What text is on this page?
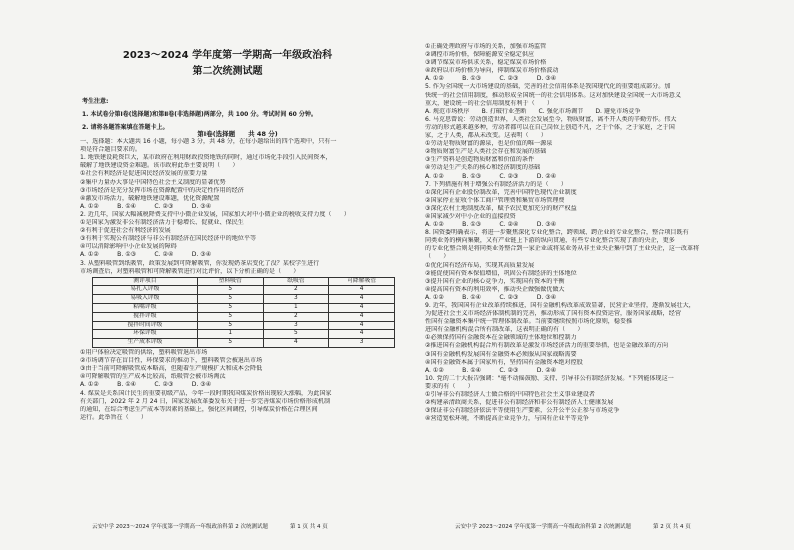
2023～2024 学年度第一学期高一年级政治科
第二次统测试题
考生注意:
1. 本试卷分第Ⅰ卷(选择题)和第Ⅱ卷(非选择题)两部分，共 100 分。考试时间 60 分钟。
2. 请将各题答案填在答题卡上。
第Ⅰ卷(选择题　　共 48 分)
一、选择题：本大题共 16 小题，每小题 3 分，共 48 分，在每小题给出的四个选项中，只有一
项是符合题目要求的。
1. 地铁建设耗资巨大，某市政府在利用财政投资地铁的同时，通过市场化手段引入民间资本，
破解了地铁建设资金难题。该市政府此举主要说明（　　）
①社会有利经济是促进国民经济发展的重要力量
②集中力量办大事是中国特色社会主义制度的显著优势
③市场经济是充分发挥市场在资源配置中的决定性作用的经济
④激发市场活力，破解地铁建设难题，优化资源配置
A. ①②　　　B. ①④　　　C. ②③　　　D. ③④
2. 近几年，国家大幅减税降费支持中小微企业发展，国家加大对中小微企业的税收支持力度（　　）
①是国家为激发非公有制经济活力于稳增长、促就业、保民生
②有利于促进社会有利经济的发展
③有利于实现公有制经济与非公有制经济在国民经济中的地位平等
④可以消除影响中小企业发展的障碍
A. ①②　　　B. ①③　　　C. ②④　　　D. ③④
3. 从塑料吸管到纸吸管，政策发展到可降解吸管，你发现奶茶店变化了没？某校学生进行
市场调查后，对塑料吸管和可降解吸管进行对比评价，以下分析正确的是（　　）
测评项目	塑料吸管	纸吸管	可降解吸管
易扎入评级	5	2	4
易吸入评级	5	3	4
粘嘴评级	5	1	4
搅拌评级	5	2	4
搅拌时间评级	5	3	4
环保评级	1	5	4
生产成本评级	5	4	3
①用户体验决定吸管的供给，塑料吸管退出市场
②市场调节存在盲目性，环保要求的推动下，塑料吸管会被退出市场
③由于当前可降解吸管成本略高，但随着生产规模扩大和成本会降低
④可降解吸管的生产成本比较高，纸吸管会被市场淘汰
A. ①②　　　B. ①④　　　C. ②③　　　D. ③④
4. 煤炭是关系国计民生的重要初级产品，今年一段时期我国煤炭价格出现较大涨幅，为此国家
有关部门，2022 年 2 月 24 日，国家发展改革委发布关于进一步完善煤炭市场价格形成机制
的通知，在综合考虑生产成本等因素的基础上，强化区间调控，引导煤炭价格在合理区间
运行。此举旨在（　　）
①正确处理政府与市场的关系，加强市场监管
②调控市场价格，保障能源安全稳定供应
③调节煤炭市场供求关系，稳定煤炭市场价格
④政府以市场价格为导向，抑制煤炭市场价格波动
A. ①②　　　B. ①③　　　C. ②③　　　D. ③④
5. 作为全国统一大市场建设的基础，完善的社会信用体系是我国现代化的重要组成部分。加
快统一的社会信用制度，推动形成全国统一的社会信用体系。这对加快建设全国统一大市场意义
重大，建设统一的社会信用制度有利于（　　）
A. 规范市场秩序　　B. 打破行业垄断　　C. 强化市场调节　　D. 避免市场竞争
6. 马克思曾说：劳动创造世界，人类社会发展至今，物质财富，离不开人类的辛勤劳作。伟大
劳动的形式越来越多种，劳动者都可以在自己岗位上创造不凡，之于个体，之于家庭，之于国
家，之于人类，都从未改变。这表明（　　）
①劳动是物质财富的源泉，也是价值的唯一源泉
②物质财富生产是人类社会存在和发展的基础
③生产资料是创造物质财富和价值的条件
④劳动是生产关系的核心和经济制度的基础
A. ①②　　　B. ①③　　　C. ②③　　　D. ②④
7. 下列措施有利于增强公有制经济活力的是（　　）
①深化国有企业股份制改革，完善中国特色现代企业制度
②国家停止征收个体工商户管理费和集贸市场管理费
③深化农村土地制度改革，赋予农民更加充分的财产权益
④国家减少对中小企业的直接投资
A. ①②　　　B. ①③　　　C. ②④　　　D. ③④
8. 国资委明确表示，将进一步聚焦深化专业化整合，跨领域、跨企业的专业化整合，整合项目既有
同类业务的横向集聚，又有产业链上下游的纵向贯通，有些专业化整合实现了新的央企，更多
的专业化整合则是将同类业务整合到一家企业或将某业务从非主业央企集中到了主业央企，这一改革将
（　　）
①优化国有经济布局，实现其高质量发展
②能促使国有资本保值增值，巩固公有制经济的主体地位
③提升国有企业的核心竞争力，实现国有资本的平衡
④提高国有资本的利用效率，推动央企做强做优做大
A. ①②　　　B. ①④　　　C. ②③　　　D. ③④
9. 近年，我国国有企业改革持续推进，国有金融机构改革成效显著，民营企业坚持，逐渐发展壮大，
为促进社会主义市场经济体制机制的完善，推动形成了国有资本投资运营，服务国家战略，经营
性国有金融资本集中统一管理体制改革。当前要继续按照市场化原则，稳妥推
进国有金融机构混合所有制改革，这表明正确的有（　　）
①必须保持国有金融资本在金融领域的主体地位和控制力
②推进国有金融机构混合所有制改革是激发市场经济活力的重要举措，也是金融改革的方向
③国有金融机构发展国有金融资本必须服从国家战略需要
④国有金融资本属于国家所有，坚持国有金融资本绝对控股
A. ①②　　　B. ①④　　　C. ②③　　　D. ②④
10. 党的二十大报告强调："毫不动摇鼓励、支持、引导非公有制经济发展。"下列能体现这一
要求的有（　　）
①引导非公有制经济人士做合格的中国特色社会主义事业建设者
②构建亲清政商关系，促进非公有制经济和非公有制经济人士健康发展
③保证非公有制经济依法平等使用生产要素，公开公平公正参与市场竞争
④营造宽松环境，不断提高企业竞争力，与国有企业平等竞争
云安中学 2023～2024 学年度第一学期高一年级政治科第 2 次统测试题　　　　第 1 页 共 4 页	云安中学 2023～2024 学年度第一学期高一年级政治科第 2 次统测试题　　　　第 2 页 共 4 页
